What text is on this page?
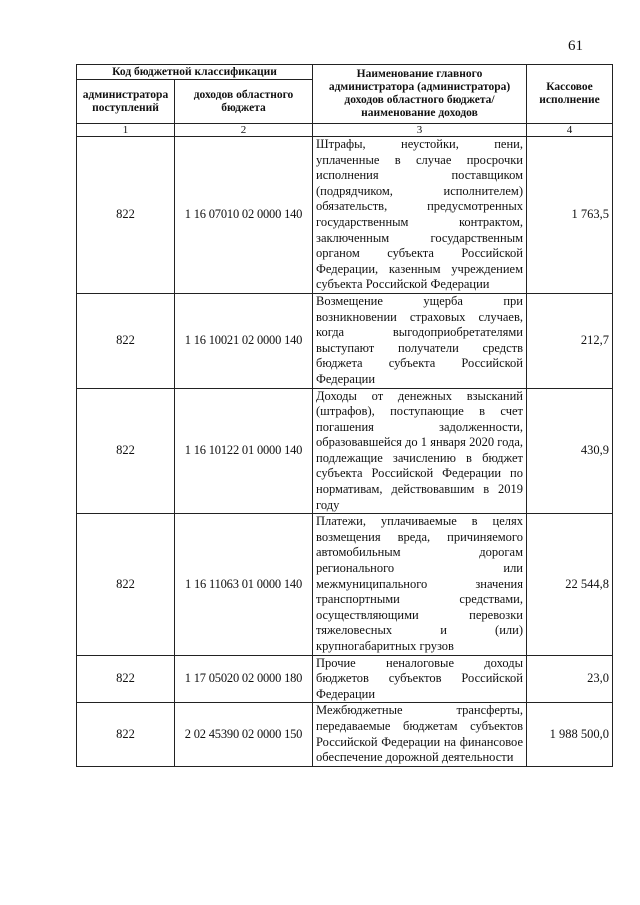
61
Код бюджетной классификации		Наименование главного администратора (администратора) доходов областного бюджета/ наименование доходов	Кассовое исполнение
администратора поступлений	доходов областного бюджета		
1	2	3	4
822	1 16 07010 02 0000 140	Штрафы, неустойки, пени, уплаченные в случае просрочки исполнения поставщиком (подрядчиком, исполнителем) обязательств, предусмотренных государственным контрактом, заключенным государственным органом субъекта Российской Федерации, казенным учреждением субъекта Российской Федерации	1 763,5
822	1 16 10021 02 0000 140	Возмещение ущерба при возникновении страховых случаев, когда выгодоприобретателями выступают получатели средств бюджета субъекта Российской Федерации	212,7
822	1 16 10122 01 0000 140	Доходы от денежных взысканий (штрафов), поступающие в счет погашения задолженности, образовавшейся до 1 января 2020 года, подлежащие зачислению в бюджет субъекта Российской Федерации по нормативам, действовавшим в 2019 году	430,9
822	1 16 11063 01 0000 140	Платежи, уплачиваемые в целях возмещения вреда, причиняемого автомобильным дорогам регионального или межмуниципального значения транспортными средствами, осуществляющими перевозки тяжеловесных и (или) крупногабаритных грузов	22 544,8
822	1 17 05020 02 0000 180	Прочие неналоговые доходы бюджетов субъектов Российской Федерации	23,0
822	2 02 45390 02 0000 150	Межбюджетные трансферты, передаваемые бюджетам субъектов Российской Федерации на финансовое обеспечение дорожной деятельности	1 988 500,0
